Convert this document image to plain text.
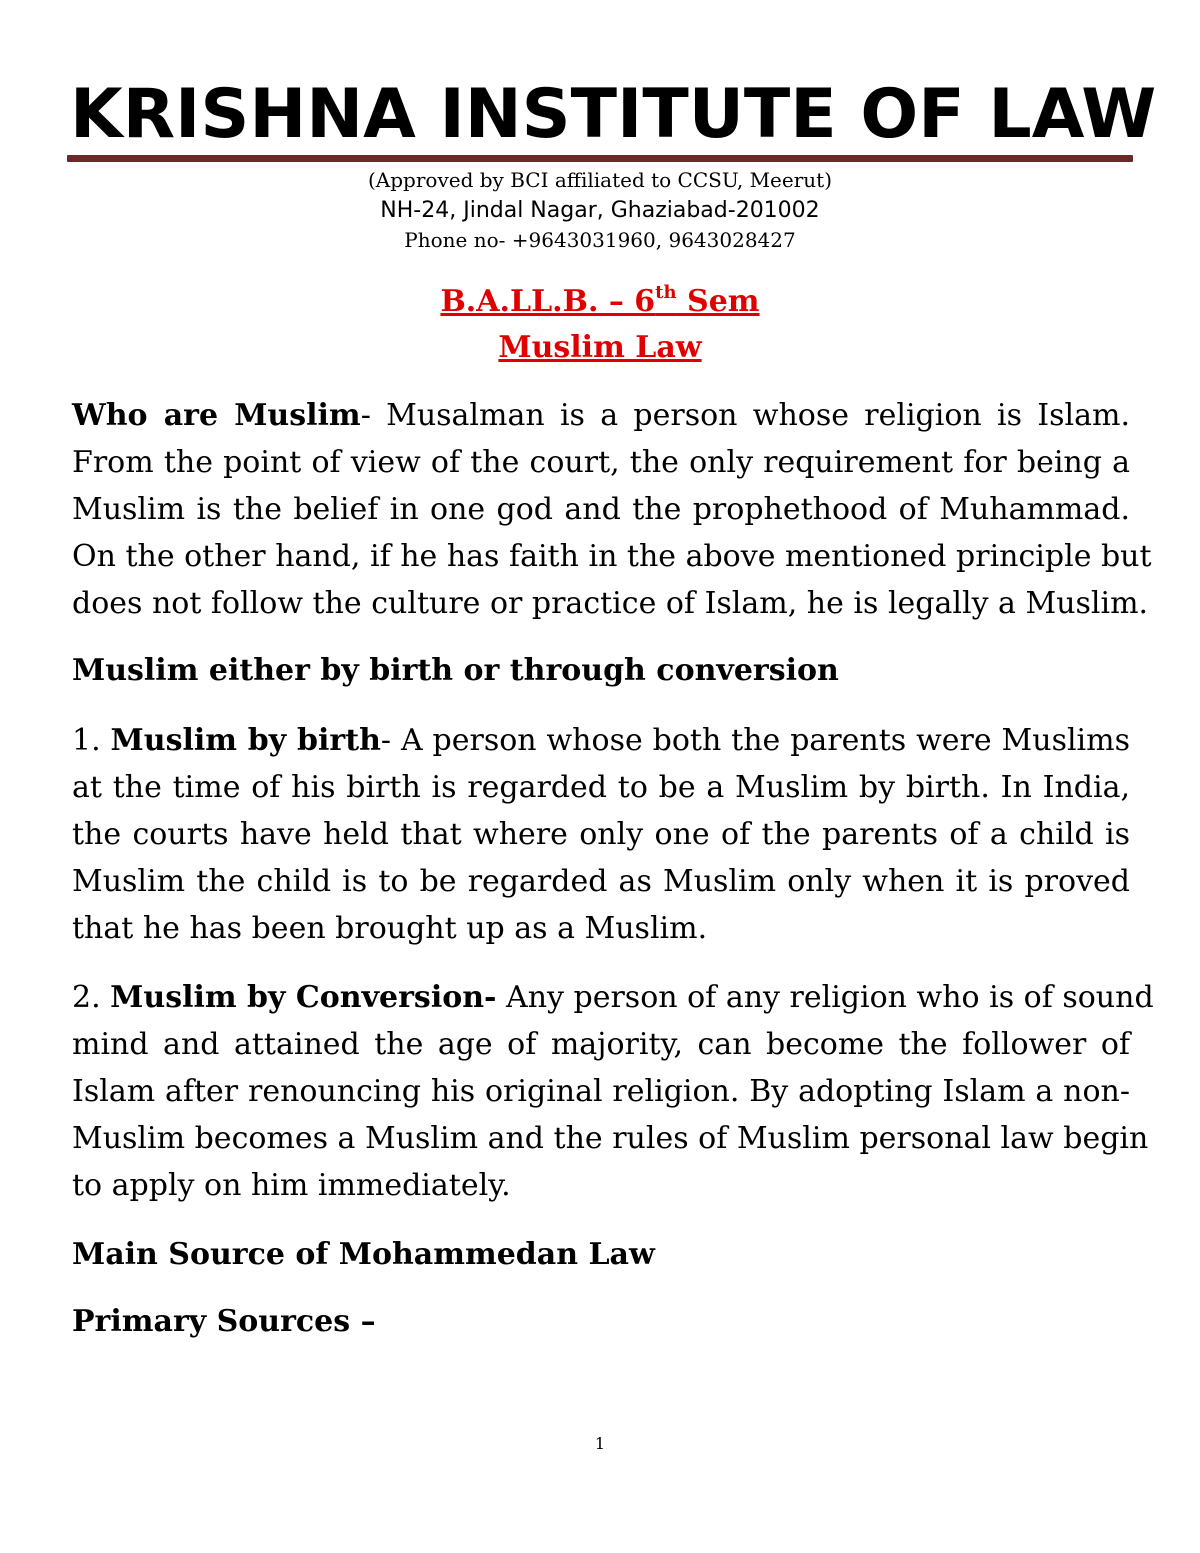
KRISHNA INSTITUTE OF LAW
(Approved by BCI affiliated to CCSU, Meerut)
NH-24, Jindal Nagar, Ghaziabad-201002
Phone no- +9643031960, 9643028427
B.A.LL.B. – 6th Sem
Muslim Law
Who are Muslim- Musalman is a person whose religion is Islam.
From the point of view of the court, the only requirement for being a
Muslim is the belief in one god and the prophethood of Muhammad.
On the other hand, if he has faith in the above mentioned principle but
does not follow the culture or practice of Islam, he is legally a Muslim.
Muslim either by birth or through conversion
1. Muslim by birth- A person whose both the parents were Muslims
at the time of his birth is regarded to be a Muslim by birth. In India,
the courts have held that where only one of the parents of a child is
Muslim the child is to be regarded as Muslim only when it is proved
that he has been brought up as a Muslim.
2. Muslim by Conversion- Any person of any religion who is of sound
mind and attained the age of majority, can become the follower of
Islam after renouncing his original religion. By adopting Islam a non-
Muslim becomes a Muslim and the rules of Muslim personal law begin
to apply on him immediately.
Main Source of Mohammedan Law
Primary Sources –
1
